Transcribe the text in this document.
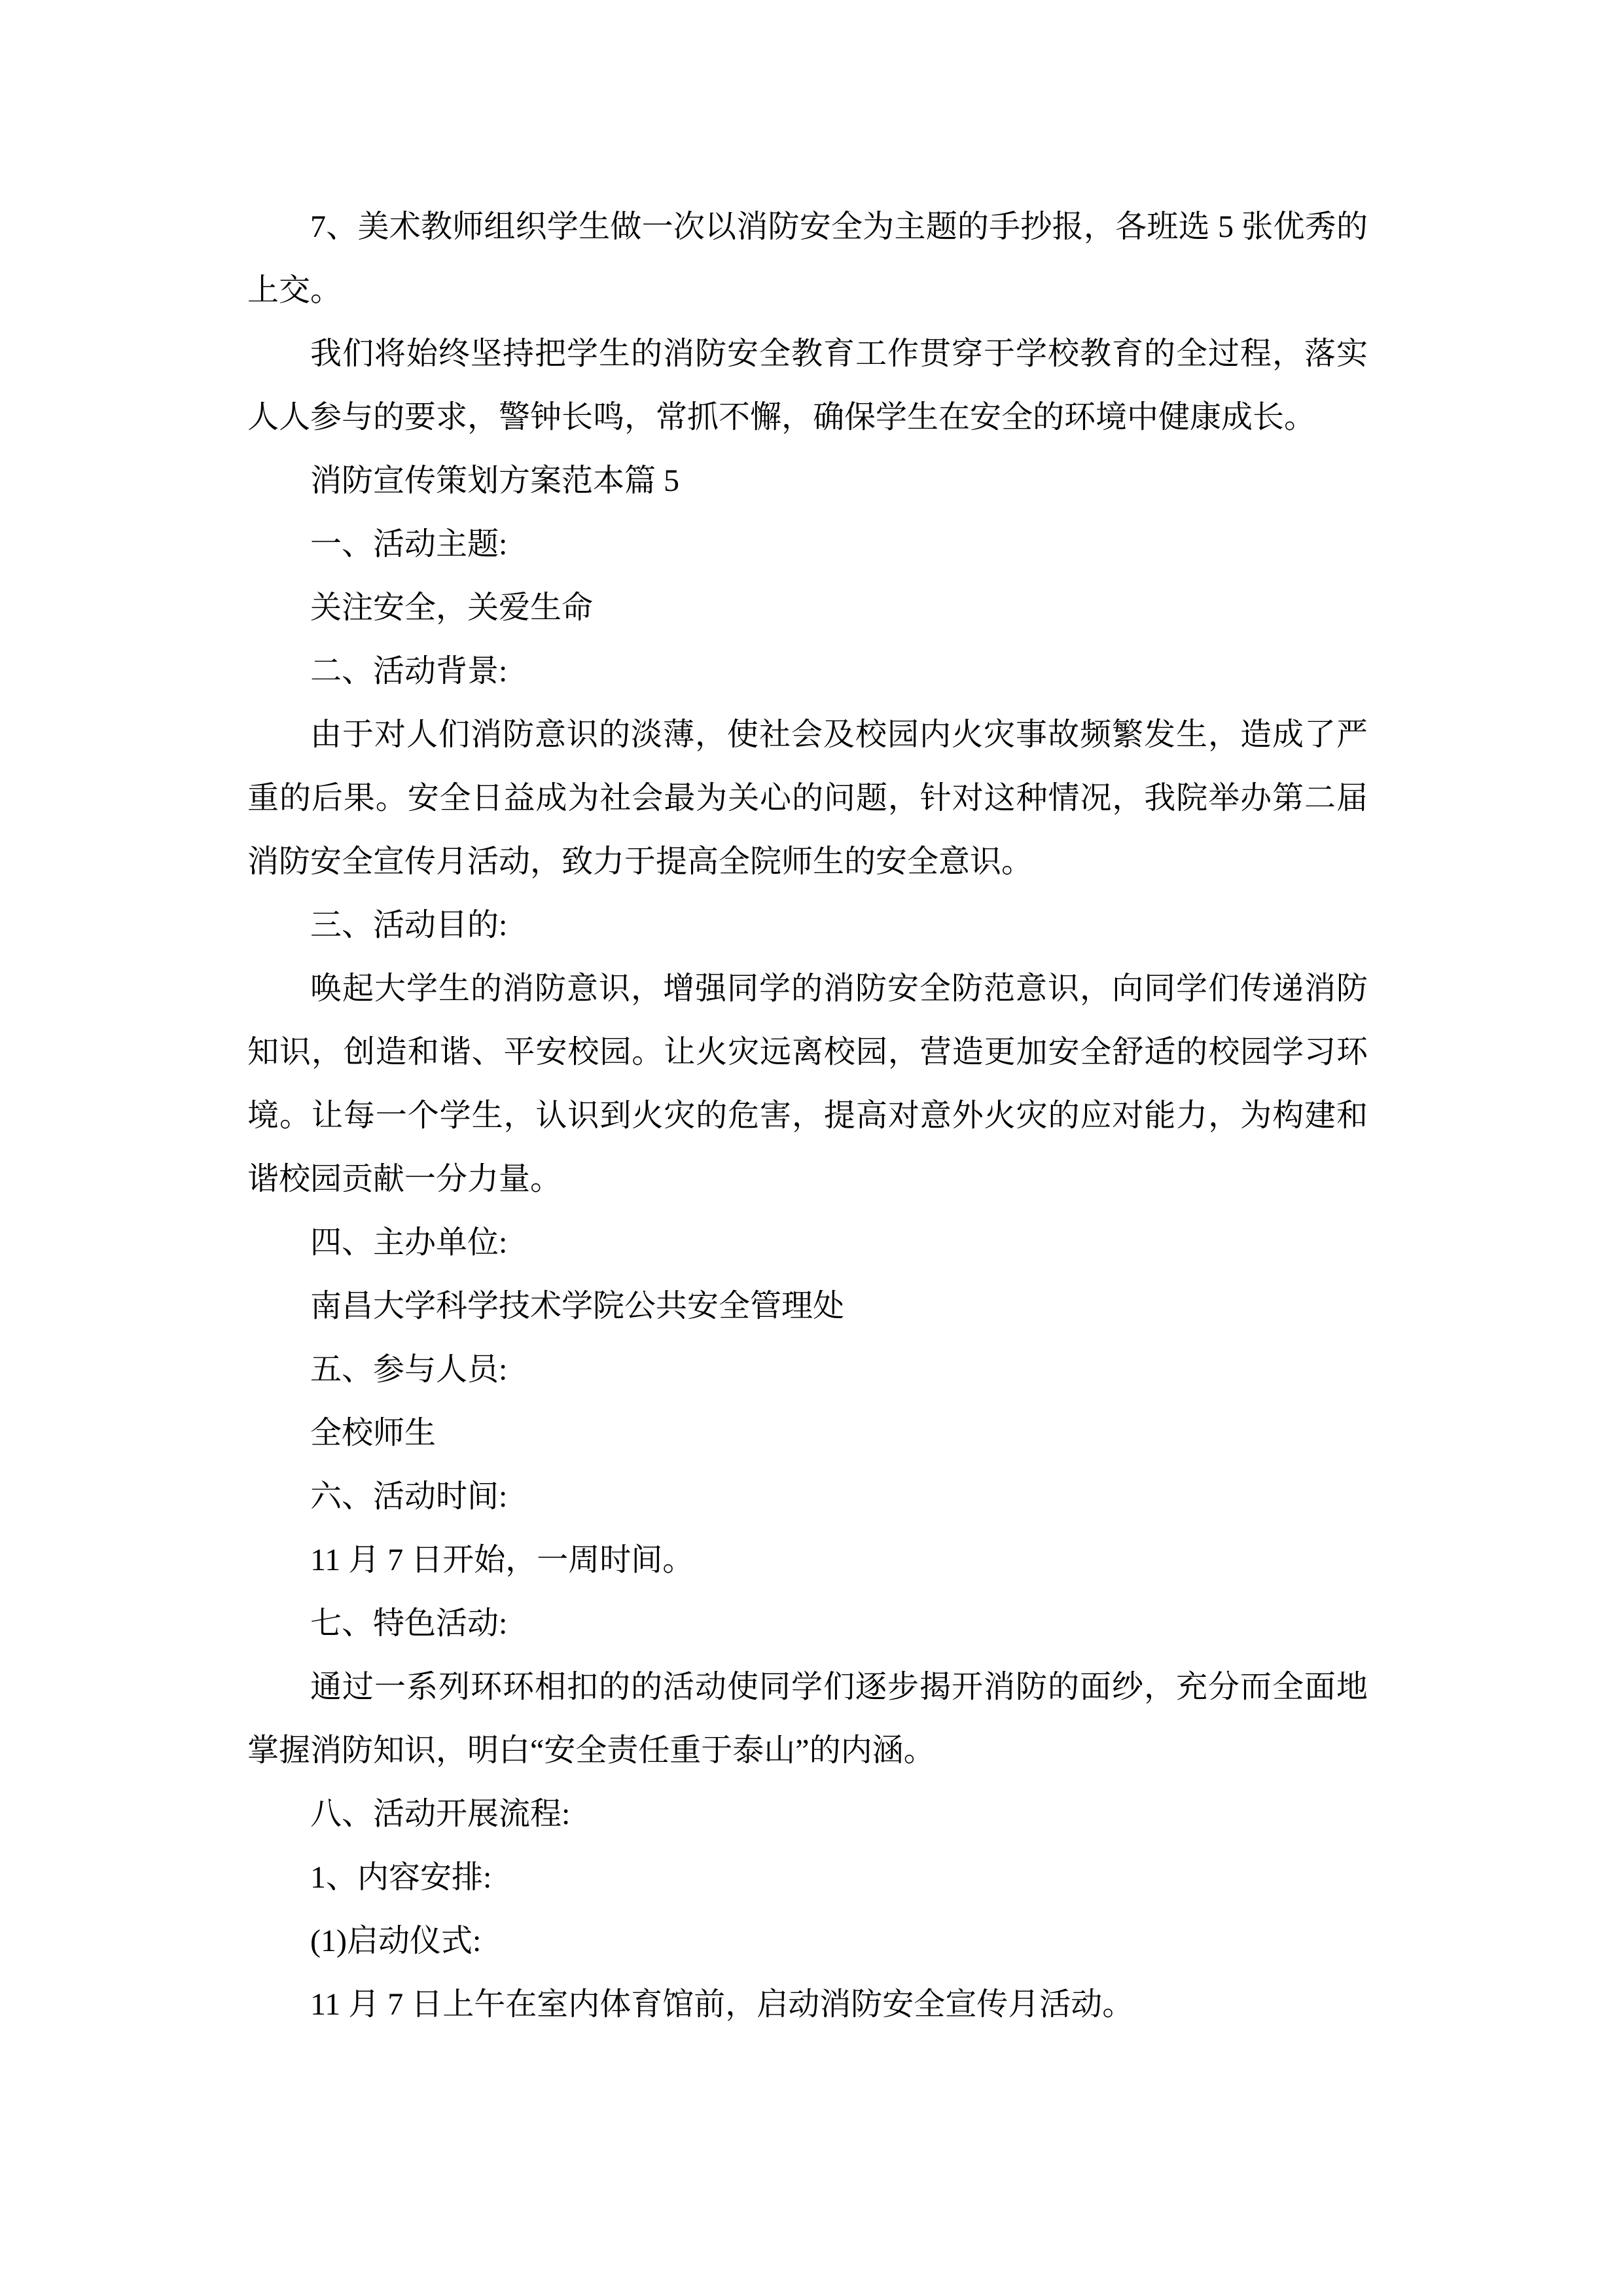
7、美术教师组织学生做一次以消防安全为主题的手抄报，各班选 5 张优秀的上交。

我们将始终坚持把学生的消防安全教育工作贯穿于学校教育的全过程，落实人人参与的要求，警钟长鸣，常抓不懈，确保学生在安全的环境中健康成长。

消防宣传策划方案范本篇 5

一、活动主题:

关注安全，关爱生命

二、活动背景:

由于对人们消防意识的淡薄，使社会及校园内火灾事故频繁发生，造成了严重的后果。安全日益成为社会最为关心的问题，针对这种情况，我院举办第二届消防安全宣传月活动，致力于提高全院师生的安全意识。

三、活动目的:

唤起大学生的消防意识，增强同学的消防安全防范意识，向同学们传递消防知识，创造和谐、平安校园。让火灾远离校园，营造更加安全舒适的校园学习环境。让每一个学生，认识到火灾的危害，提高对意外火灾的应对能力，为构建和谐校园贡献一分力量。

四、主办单位:

南昌大学科学技术学院公共安全管理处

五、参与人员:

全校师生

六、活动时间:

11 月 7 日开始，一周时间。

七、特色活动:

通过一系列环环相扣的的活动使同学们逐步揭开消防的面纱，充分而全面地掌握消防知识，明白“安全责任重于泰山”的内涵。

八、活动开展流程:

1、内容安排:

(1)启动仪式:

11 月 7 日上午在室内体育馆前，启动消防安全宣传月活动。
